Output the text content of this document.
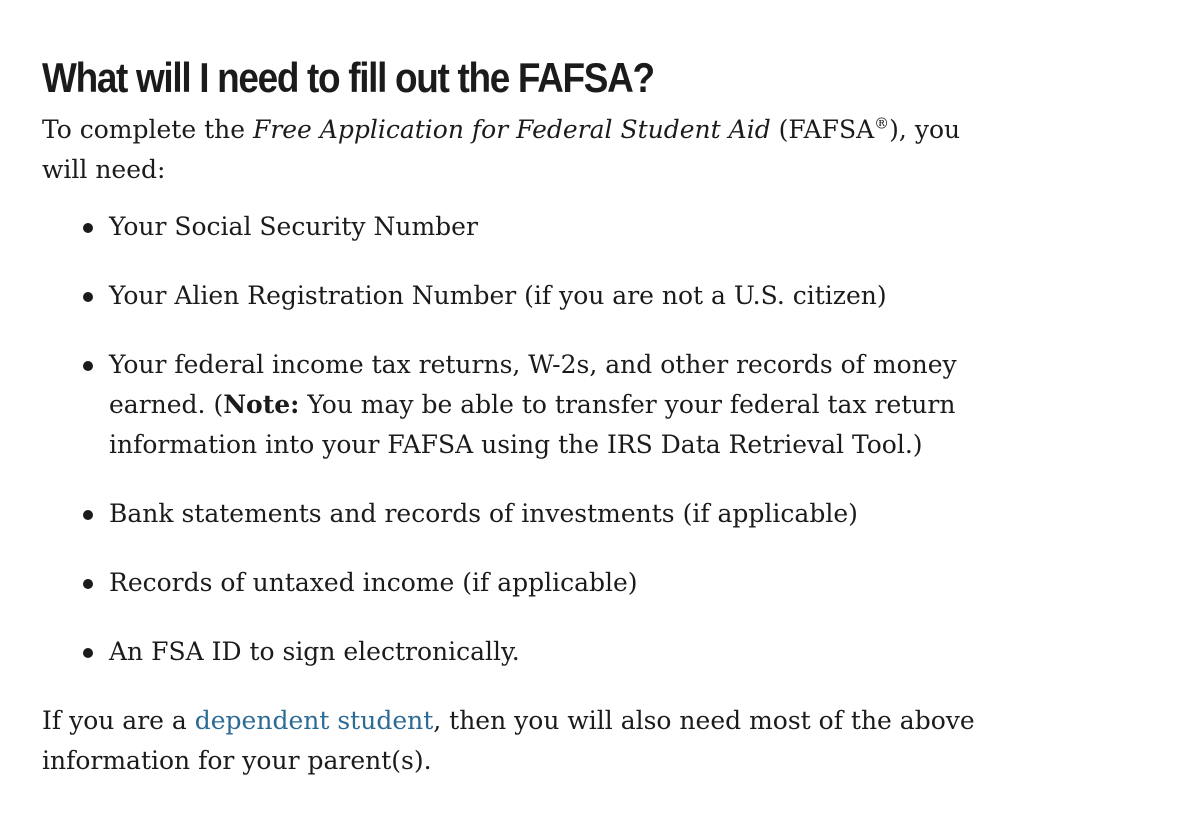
What will I need to fill out the FAFSA?

To complete the Free Application for Federal Student Aid (FAFSA®), you will need:

Your Social Security Number
Your Alien Registration Number (if you are not a U.S. citizen)
Your federal income tax returns, W-2s, and other records of money earned. (Note: You may be able to transfer your federal tax return information into your FAFSA using the IRS Data Retrieval Tool.)
Bank statements and records of investments (if applicable)
Records of untaxed income (if applicable)
An FSA ID to sign electronically.

If you are a dependent student, then you will also need most of the above information for your parent(s).
